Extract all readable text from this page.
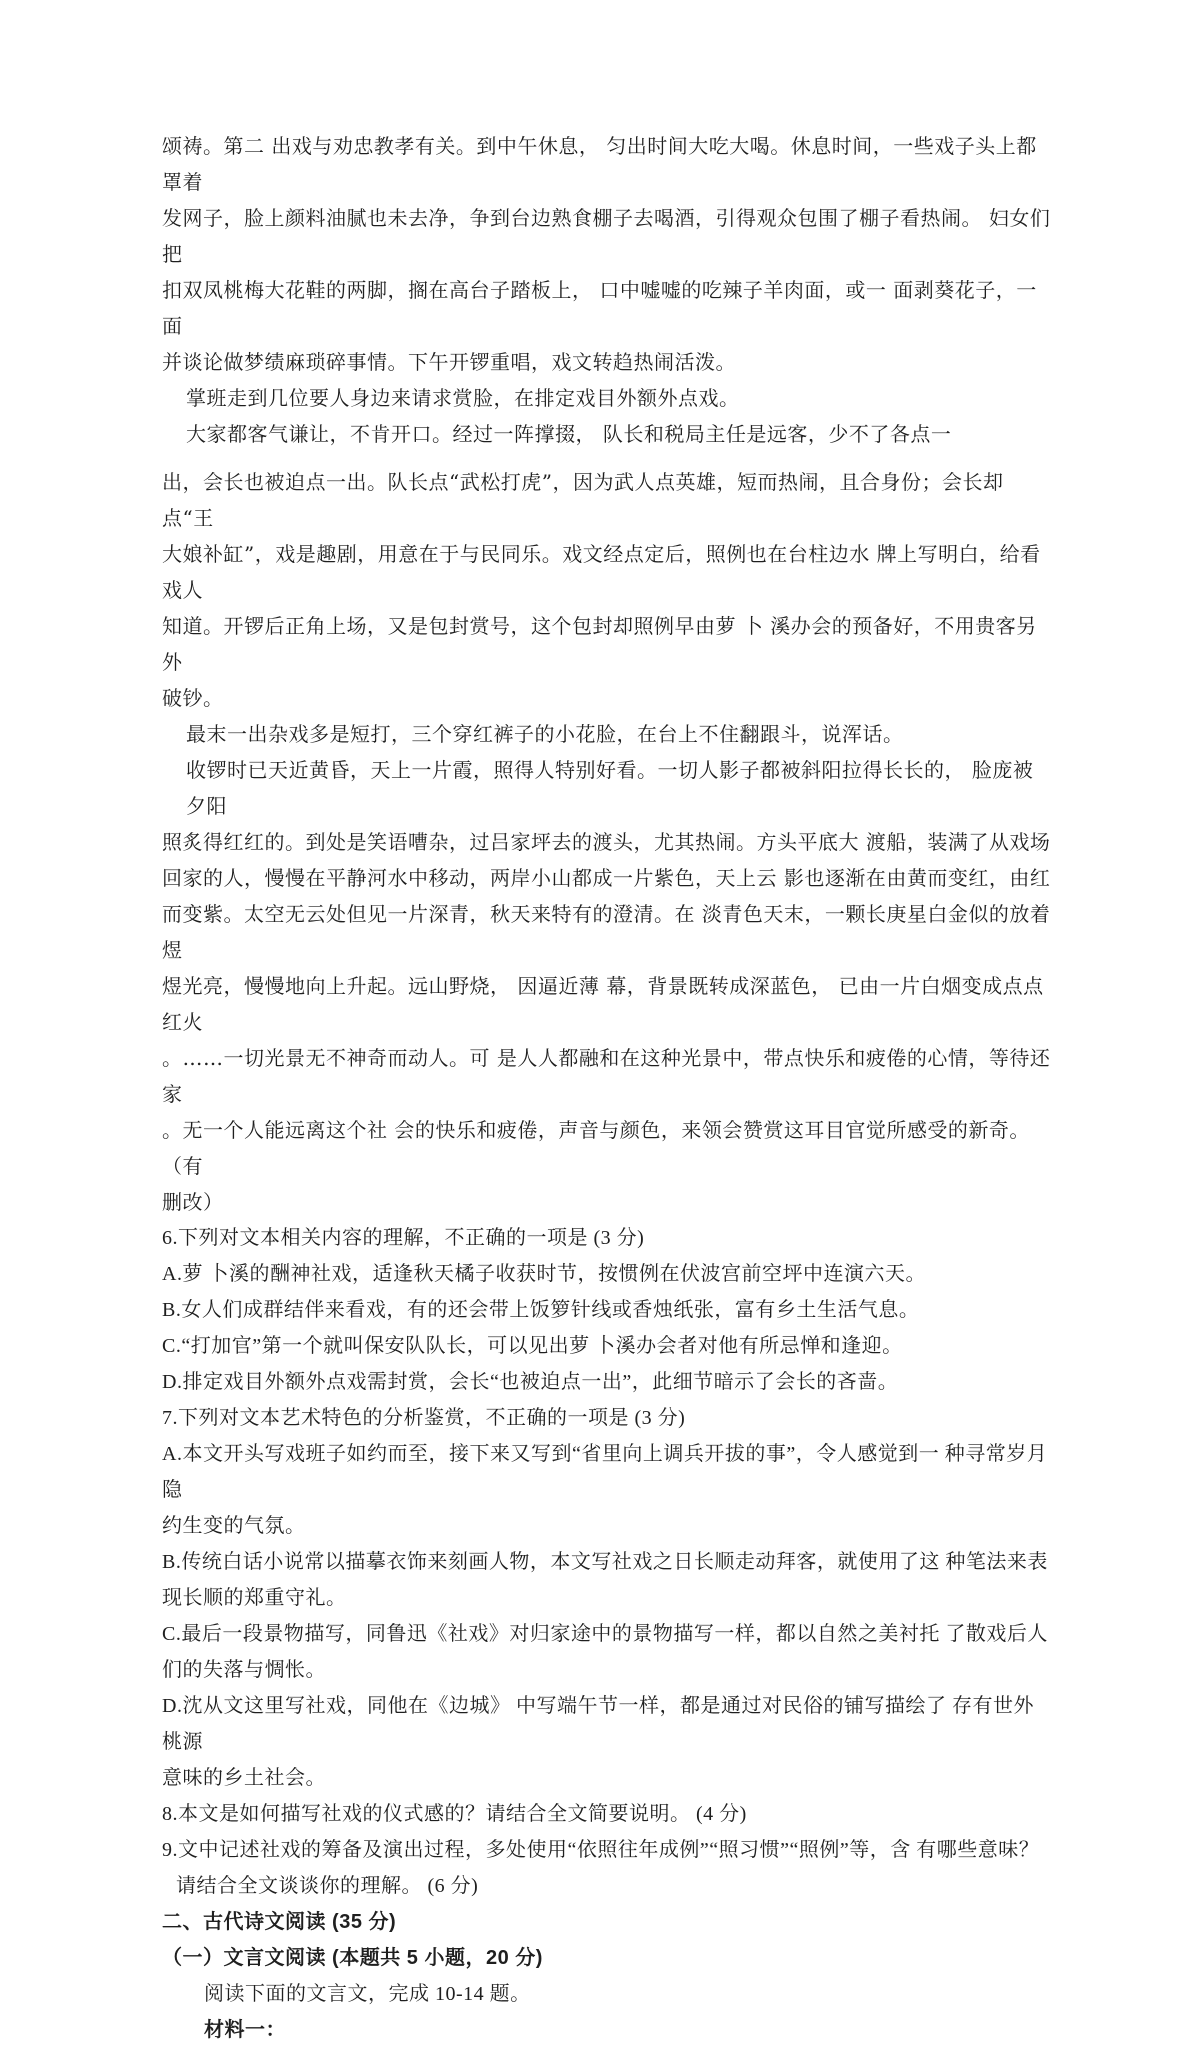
颂祷。第二 出戏与劝忠教孝有关。到中午休息， 匀出时间大吃大喝。休息时间，一些戏子头上都罩着

发网子，脸上颜料油腻也未去净，争到台边熟食棚子去喝酒，引得观众包围了棚子看热闹。 妇女们把

扣双凤桃梅大花鞋的两脚，搁在高台子踏板上， 口中嘘嘘的吃辣子羊肉面，或一 面剥葵花子，一面

并谈论做梦绩麻琐碎事情。下午开锣重唱，戏文转趋热闹活泼。

掌班走到几位要人身边来请求赏脸，在排定戏目外额外点戏。

大家都客气谦让，不肯开口。经过一阵撑掇， 队长和税局主任是远客，少不了各点一

出，会长也被迫点一出。队长点“武松打虎”，因为武人点英雄，短而热闹，且合身份；会长却点“王

大娘补缸”，戏是趣剧，用意在于与民同乐。戏文经点定后，照例也在台柱边水 牌上写明白，给看戏人

知道。开锣后正角上场，又是包封赏号，这个包封却照例早由萝 卜 溪办会的预备好，不用贵客另外

破钞。

最末一出杂戏多是短打，三个穿红裤子的小花脸，在台上不住翻跟斗，说浑话。

收锣时已天近黄昏，天上一片霞，照得人特别好看。一切人影子都被斜阳拉得长长的， 脸庞被夕阳

照炙得红红的。到处是笑语嘈杂，过吕家坪去的渡头，尤其热闹。方头平底大 渡船，装满了从戏场

回家的人，慢慢在平静河水中移动，两岸小山都成一片紫色，天上云 影也逐渐在由黄而变红，由红

而变紫。太空无云处但见一片深青，秋天来特有的澄清。在 淡青色天末，一颗长庚星白金似的放着煜

煜光亮，慢慢地向上升起。远山野烧， 因逼近薄 幕，背景既转成深蓝色， 已由一片白烟变成点点红火

。……一切光景无不神奇而动人。可 是人人都融和在这种光景中，带点快乐和疲倦的心情，等待还家

。无一个人能远离这个社 会的快乐和疲倦，声音与颜色，来领会赞赏这耳目官觉所感受的新奇。（有

删改）

6.下列对文本相关内容的理解，不正确的一项是 (3 分)

A.萝 卜溪的酬神社戏，适逢秋天橘子收获时节，按惯例在伏波宫前空坪中连演六天。

B.女人们成群结伴来看戏，有的还会带上饭箩针线或香烛纸张，富有乡土生活气息。

C.“打加官”第一个就叫保安队队长，可以见出萝 卜溪办会者对他有所忌惮和逢迎。

D.排定戏目外额外点戏需封赏，会长“也被迫点一出”，此细节暗示了会长的吝啬。

7.下列对文本艺术特色的分析鉴赏，不正确的一项是 (3 分)

A.本文开头写戏班子如约而至，接下来又写到“省里向上调兵开拔的事”，令人感觉到一 种寻常岁月隐

约生变的气氛。

B.传统白话小说常以描摹衣饰来刻画人物，本文写社戏之日长顺走动拜客，就使用了这 种笔法来表

现长顺的郑重守礼。

C.最后一段景物描写，同鲁迅《社戏》对归家途中的景物描写一样，都以自然之美衬托 了散戏后人

们的失落与惆怅。

D.沈从文这里写社戏，同他在《边城》 中写端午节一样，都是通过对民俗的铺写描绘了 存有世外桃源

意味的乡土社会。

8.本文是如何描写社戏的仪式感的？请结合全文简要说明。 (4 分)

9.文中记述社戏的筹备及演出过程，多处使用“依照往年成例”“照习惯”“照例”等，含 有哪些意味？

请结合全文谈谈你的理解。 (6 分)

二、古代诗文阅读 (35 分)

（一）文言文阅读 (本题共 5 小题，20 分)

阅读下面的文言文，完成 10-14 题。

材料一：
